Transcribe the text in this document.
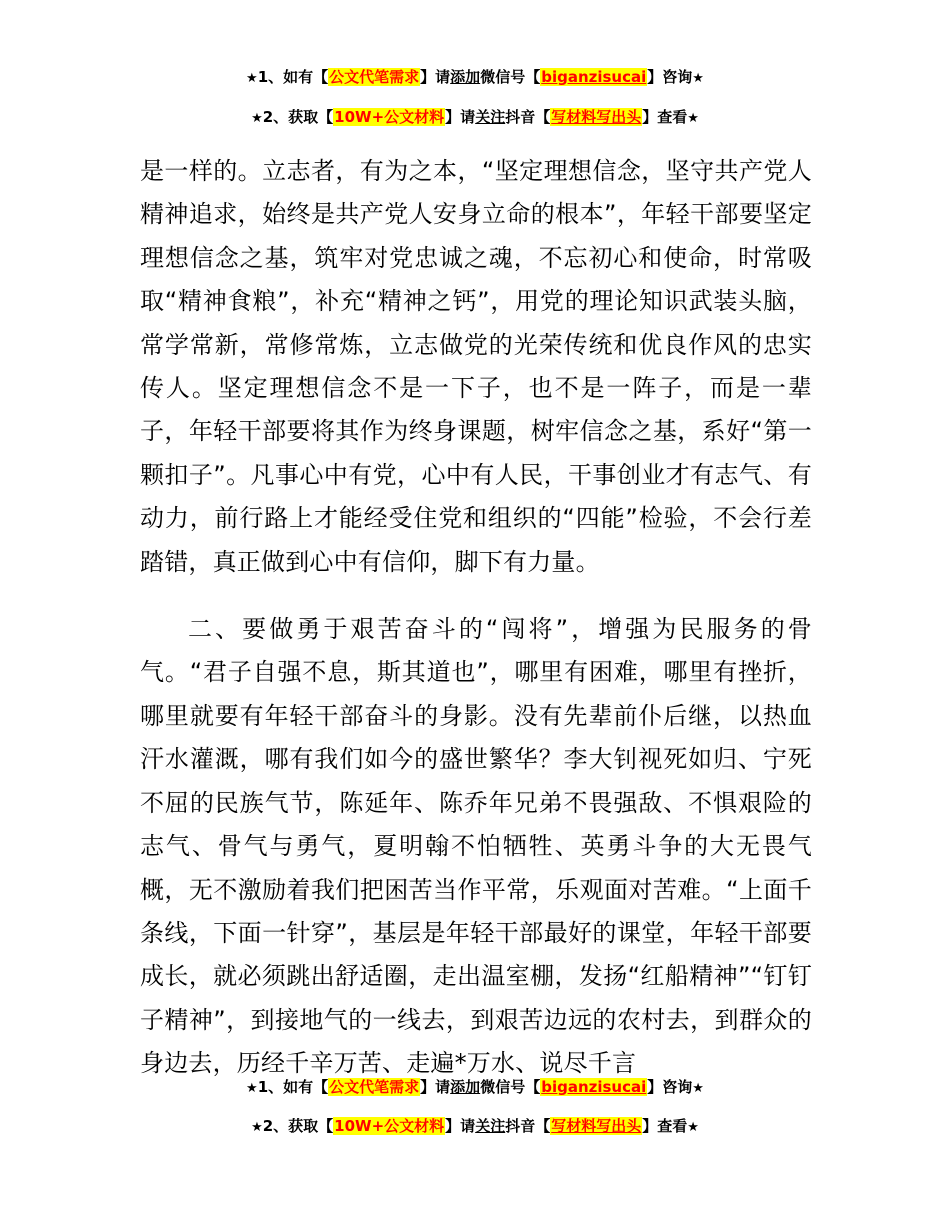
★1、如有【公文代笔需求】请添加微信号【biganzisucai】咨询★
★2、获取【10W+公文材料】请关注抖音【写材料写出头】查看★

是一样的。立志者，有为之本，“坚定理想信念，坚守共产党人精神追求，始终是共产党人安身立命的根本”，年轻干部要坚定理想信念之基，筑牢对党忠诚之魂，不忘初心和使命，时常吸取“精神食粮”，补充“精神之钙”，用党的理论知识武装头脑，常学常新，常修常炼，立志做党的光荣传统和优良作风的忠实传人。坚定理想信念不是一下子，也不是一阵子，而是一辈子，年轻干部要将其作为终身课题，树牢信念之基，系好“第一颗扣子”。凡事心中有党，心中有人民，干事创业才有志气、有动力，前行路上才能经受住党和组织的“四能”检验，不会行差踏错，真正做到心中有信仰，脚下有力量。

二、要做勇于艰苦奋斗的“闯将”，增强为民服务的骨气。“君子自强不息，斯其道也”，哪里有困难，哪里有挫折，哪里就要有年轻干部奋斗的身影。没有先辈前仆后继，以热血汗水灌溉，哪有我们如今的盛世繁华？李大钊视死如归、宁死不屈的民族气节，陈延年、陈乔年兄弟不畏强敌、不惧艰险的志气、骨气与勇气，夏明翰不怕牺牲、英勇斗争的大无畏气概，无不激励着我们把困苦当作平常，乐观面对苦难。“上面千条线，下面一针穿”，基层是年轻干部最好的课堂，年轻干部要成长，就必须跳出舒适圈，走出温室棚，发扬“红船精神”“钉钉子精神”，到接地气的一线去，到艰苦边远的农村去，到群众的身边去，历经千辛万苦、走遍*万水、说尽千言

★1、如有【公文代笔需求】请添加微信号【biganzisucai】咨询★
★2、获取【10W+公文材料】请关注抖音【写材料写出头】查看★
